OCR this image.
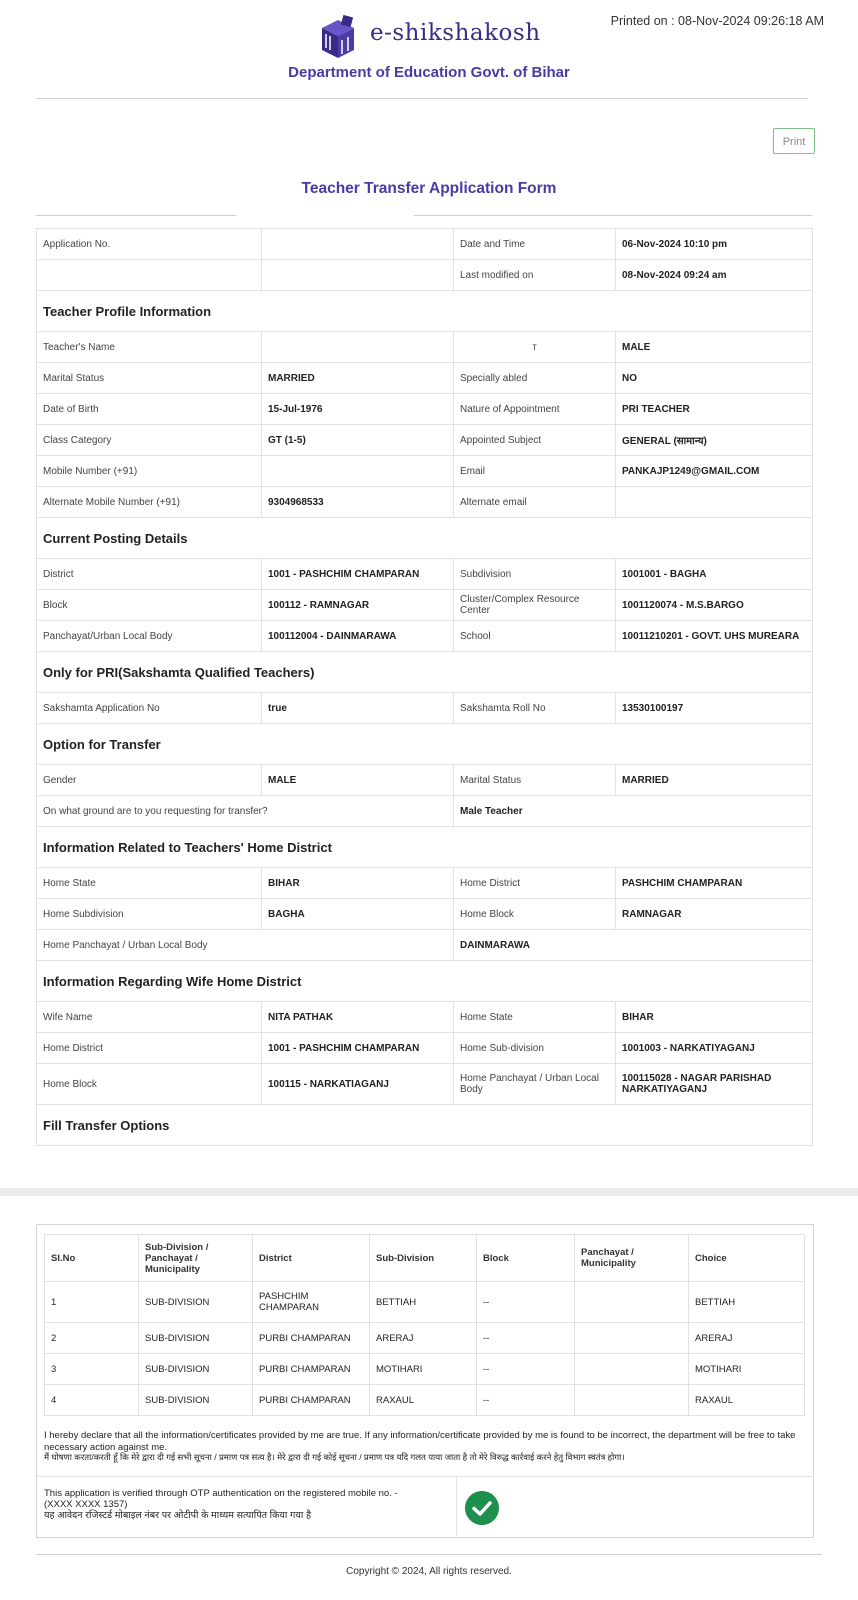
e-shikshakosh
Department of Education Govt. of Bihar
Printed on : 08-Nov-2024 09:26:18 AM
Print
Teacher Transfer Application Form
Application No.		Date and Time	06-Nov-2024 10:10 pm
		Last modified on	08-Nov-2024 09:24 am
Teacher Profile Information			
Teacher's Name		т	MALE
Marital Status	MARRIED	Specially abled	NO
Date of Birth	15-Jul-1976	Nature of Appointment	PRI TEACHER
Class Category	GT (1-5)	Appointed Subject	GENERAL (सामान्य)
Mobile Number (+91)		Email	PANKAJP1249@GMAIL.COM
Alternate Mobile Number (+91)	9304968533	Alternate email	
Current Posting Details			
District	1001 - PASHCHIM CHAMPARAN	Subdivision	1001001 - BAGHA
Block	100112 - RAMNAGAR	Cluster/Complex Resource Center	1001120074 - M.S.BARGO
Panchayat/Urban Local Body	100112004 - DAINMARAWA	School	10011210201 - GOVT. UHS MUREARA
Only for PRI(Sakshamta Qualified Teachers)			
Sakshamta Application No	true	Sakshamta Roll No	13530100197
Option for Transfer			
Gender	MALE	Marital Status	MARRIED
On what ground are to you requesting for transfer?		Male Teacher	
Information Related to Teachers' Home District			
Home State	BIHAR	Home District	PASHCHIM CHAMPARAN
Home Subdivision	BAGHA	Home Block	RAMNAGAR
Home Panchayat / Urban Local Body		DAINMARAWA	
Information Regarding Wife Home District			
Wife Name	NITA PATHAK	Home State	BIHAR
Home District	1001 - PASHCHIM CHAMPARAN	Home Sub-division	1001003 - NARKATIYAGANJ
Home Block	100115 - NARKATIAGANJ	Home Panchayat / Urban Local Body	100115028 - NAGAR PARISHAD NARKATIYAGANJ
Fill Transfer Options			
Sl.No	Sub-Division / Panchayat / Municipality	District	Sub-Division	Block	Panchayat / Municipality	Choice
1	SUB-DIVISION	PASHCHIM CHAMPARAN	BETTIAH	--		BETTIAH
2	SUB-DIVISION	PURBI CHAMPARAN	ARERAJ	--		ARERAJ
3	SUB-DIVISION	PURBI CHAMPARAN	MOTIHARI	--		MOTIHARI
4	SUB-DIVISION	PURBI CHAMPARAN	RAXAUL	--		RAXAUL
I hereby declare that all the information/certificates provided by me are true. If any information/certificate provided by me is found to be incorrect, the department will be free to take necessary action against me.
मैं घोषणा करता/करती हूँ कि मेरे द्वारा दी गई सभी सूचना / प्रमाण पत्र सत्य है। मेरे द्वारा दी गई कोई सूचना / प्रमाण पत्र यदि गलत पाया जाता है तो मेरे विरुद्ध कार्रवाई करने हेतु विभाग स्वतंत्र होगा।
This application is verified through OTP authentication on the registered mobile no. - (XXXX XXXX 1357)
यह आवेदन रजिस्टर्ड मोबाइल नंबर पर ओटीपी के माध्यम सत्यापित किया गया है
Copyright © 2024, All rights reserved.
